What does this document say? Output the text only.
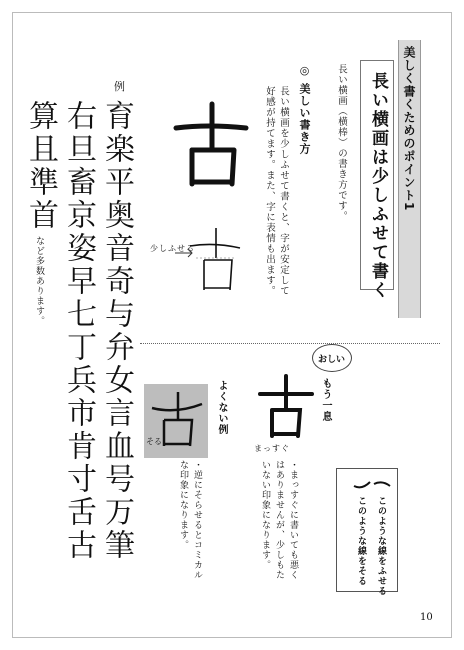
美しく書くためのポイント1
長い横画は少しふせて書く
長い横画（横棒）の書き方です。
◎ 美しい書き方
長い横画を少しふせて書くと、字が安定して好感が持てます。また、字に表情も出ます。
少しふせる
おしい
もう一息
まっすぐ
よくない例
そる
・まっすぐに書いても悪くはありませんが、少しもたいない印象になります。
・逆にそらせるとコミカルな印象になります。	このような線をふせる
このような線をそる
例
育楽平奥音奇与弁女言血号万筆
右旦畜京姿早七丁兵市肯寸舌古
算且準首
など多数あります。
10
